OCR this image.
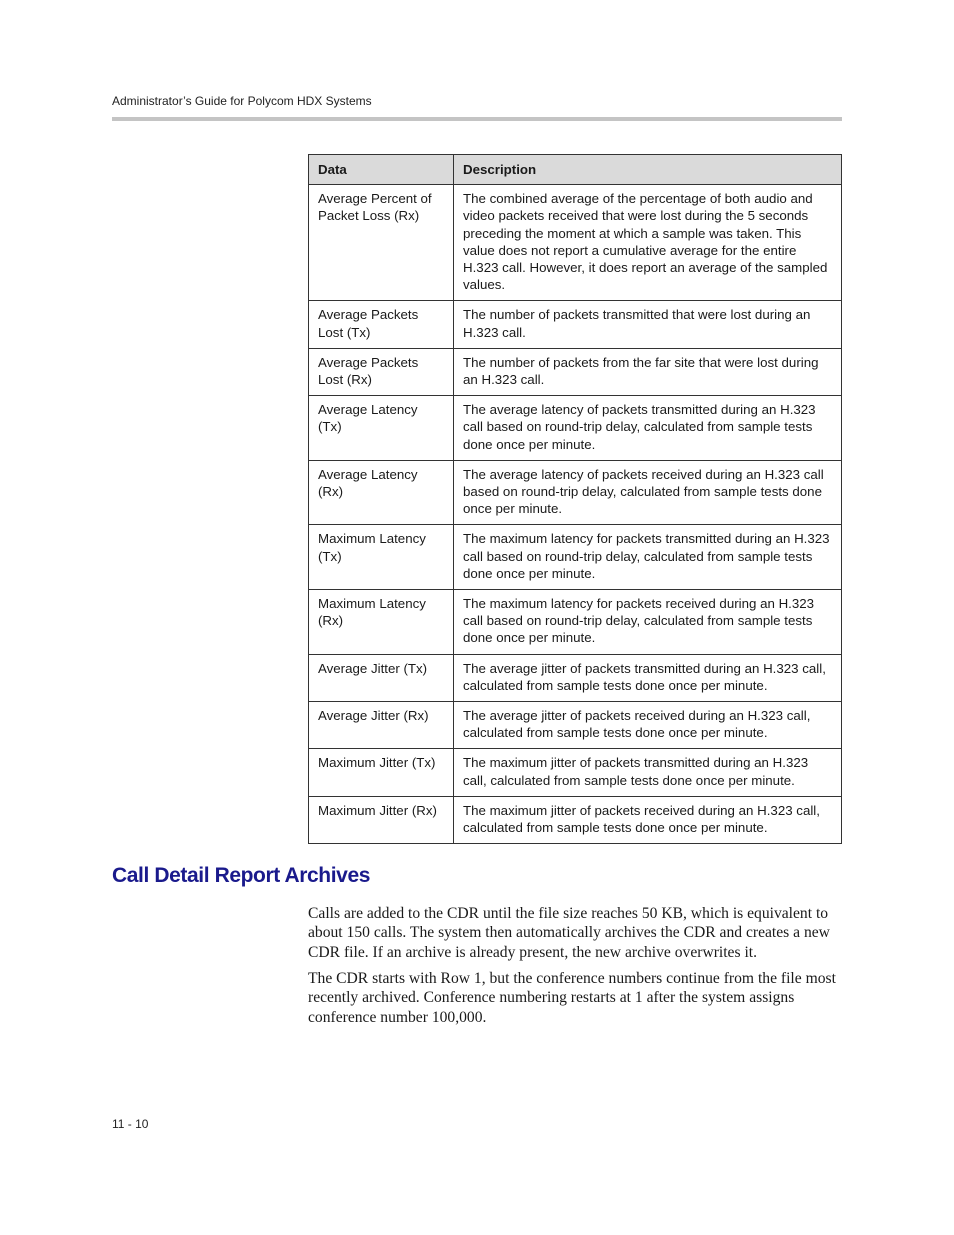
Administrator’s Guide for Polycom HDX Systems
Data	Description
Average Percent of Packet Loss (Rx)	The combined average of the percentage of both audio and video packets received that were lost during the 5 seconds preceding the moment at which a sample was taken. This value does not report a cumulative average for the entire H.323 call. However, it does report an average of the sampled values.
Average Packets Lost (Tx)	The number of packets transmitted that were lost during an H.323 call.
Average Packets Lost (Rx)	The number of packets from the far site that were lost during an H.323 call.
Average Latency (Tx)	The average latency of packets transmitted during an H.323 call based on round-trip delay, calculated from sample tests done once per minute.
Average Latency (Rx)	The average latency of packets received during an H.323 call based on round-trip delay, calculated from sample tests done once per minute.
Maximum Latency (Tx)	The maximum latency for packets transmitted during an H.323 call based on round-trip delay, calculated from sample tests done once per minute.
Maximum Latency (Rx)	The maximum latency for packets received during an H.323 call based on round-trip delay, calculated from sample tests done once per minute.
Average Jitter (Tx)	The average jitter of packets transmitted during an H.323 call, calculated from sample tests done once per minute.
Average Jitter (Rx)	The average jitter of packets received during an H.323 call, calculated from sample tests done once per minute.
Maximum Jitter (Tx)	The maximum jitter of packets transmitted during an H.323 call, calculated from sample tests done once per minute.
Maximum Jitter (Rx)	The maximum jitter of packets received during an H.323 call, calculated from sample tests done once per minute.
Call Detail Report Archives

Calls are added to the CDR until the file size reaches 50 KB, which is equivalent to about 150 calls. The system then automatically archives the CDR and creates a new CDR file. If an archive is already present, the new archive overwrites it.

The CDR starts with Row 1, but the conference numbers continue from the file most recently archived. Conference numbering restarts at 1 after the system assigns conference number 100,000.

11 - 10
